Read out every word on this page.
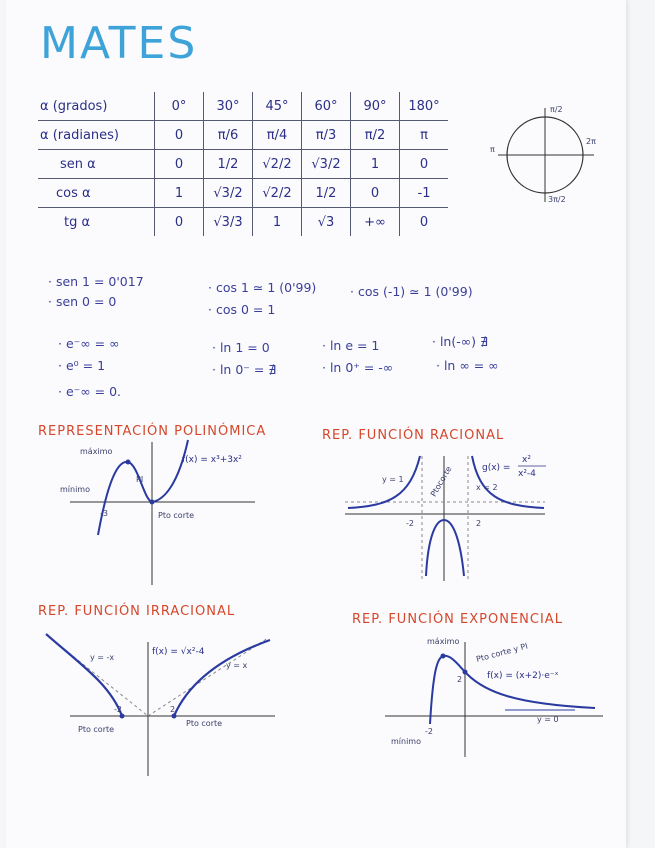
MATES
α (grados)	0°	30°	45°	60°	90°	180°
α (radianes)	0	π/6	π/4	π/3	π/2	π
sen α	0	1/2	√2/2	√3/2	1	0
cos α	1	√3/2	√2/2	1/2	0	-1
tg α	0	√3/3	1	√3	+∞	0
π/2
π
2π
3π/2
· sen 1 = 0'017
· sen 0 = 0
· cos 1 ≃ 1 (0'99)
· cos 0 = 1
· cos (-1) ≃ 1 (0'99)
· e⁻∞ = ∞
· e⁰ = 1
· e⁻∞ = 0.
· ln 1 = 0
· ln 0⁻ = ∄
· ln e = 1
· ln 0⁺ = -∞
· ln(-∞) ∄
· ln ∞ = ∞
REPRESENTACIÓN POLINÓMICA	REP. FUNCIÓN RACIONAL
REP. FUNCIÓN IRRACIONAL
REP. FUNCIÓN EXPONENCIAL
máximo
mínimo
PI
Pto corte
-3
f(x) = x³+3x²
y = 1
x = 2
-2	2
Ptocorte	g(x) =
x²
x²-4
y = -x
y = x
-2	2
Pto corte
Pto corte
f(x) = √x²-4
máximo
Pto corte y PI
mínimo
-2
2
y = 0
f(x) = (x+2)·e⁻ˣ
